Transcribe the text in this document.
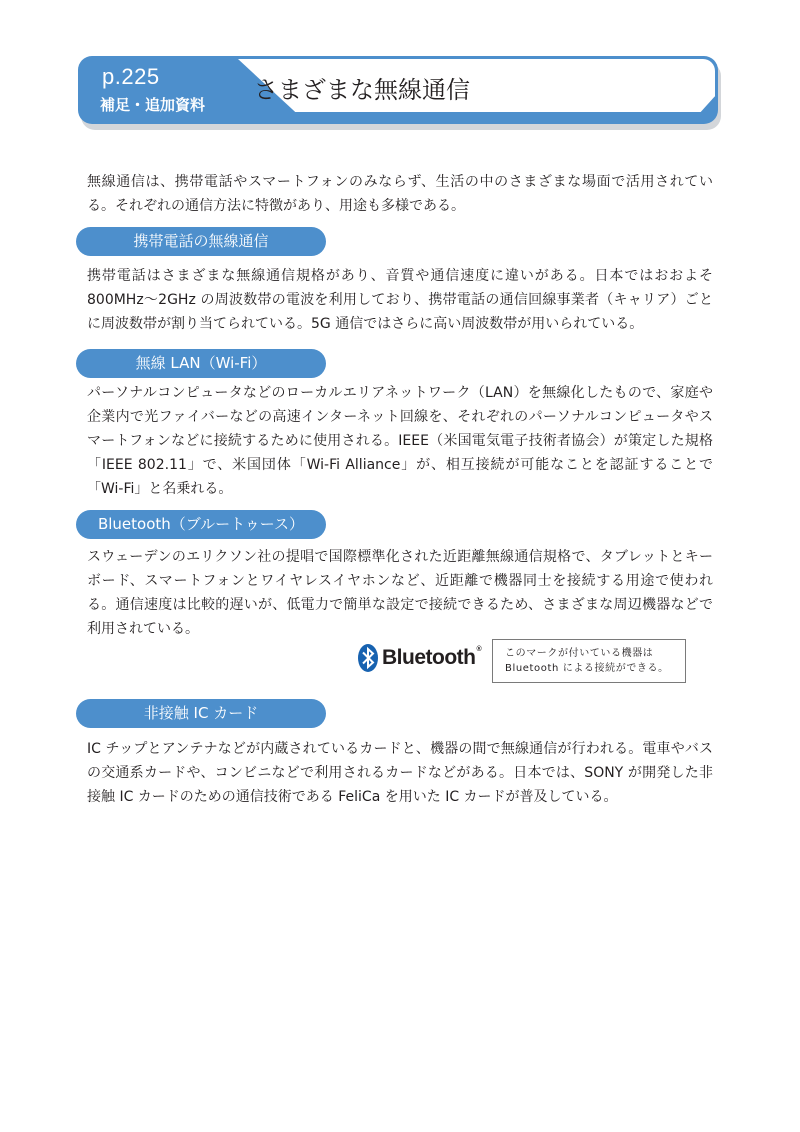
p.225
補足・追加資料
さまざまな無線通信
無線通信は、携帯電話やスマートフォンのみならず、生活の中のさまざまな場面で活用されている。それぞれの通信方法に特徴があり、用途も多様である。
携帯電話の無線通信
携帯電話はさまざまな無線通信規格があり、音質や通信速度に違いがある。日本ではおおよそ800MHz～2GHz の周波数帯の電波を利用しており、携帯電話の通信回線事業者（キャリア）ごとに周波数帯が割り当てられている。5G 通信ではさらに高い周波数帯が用いられている。
無線 LAN（Wi-Fi）
パーソナルコンピュータなどのローカルエリアネットワーク（LAN）を無線化したもので、家庭や企業内で光ファイバーなどの高速インターネット回線を、それぞれのパーソナルコンピュータやスマートフォンなどに接続するために使用される。IEEE（米国電気電子技術者協会）が策定した規格「IEEE 802.11」で、米国団体「Wi-Fi Alliance」が、相互接続が可能なことを認証することで「Wi-Fi」と名乗れる。
Bluetooth（ブルートゥース）
スウェーデンのエリクソン社の提唱で国際標準化された近距離無線通信規格で、タブレットとキーボード、スマートフォンとワイヤレスイヤホンなど、近距離で機器同士を接続する用途で使われる。通信速度は比較的遅いが、低電力で簡単な設定で接続できるため、さまざまな周辺機器などで利用されている。
Bluetooth® このマークが付いている機器は
Bluetooth による接続ができる。
非接触 IC カード
IC チップとアンテナなどが内蔵されているカードと、機器の間で無線通信が行われる。電車やバスの交通系カードや、コンビニなどで利用されるカードなどがある。日本では、SONY が開発した非接触 IC カードのための通信技術である FeliCa を用いた IC カードが普及している。
